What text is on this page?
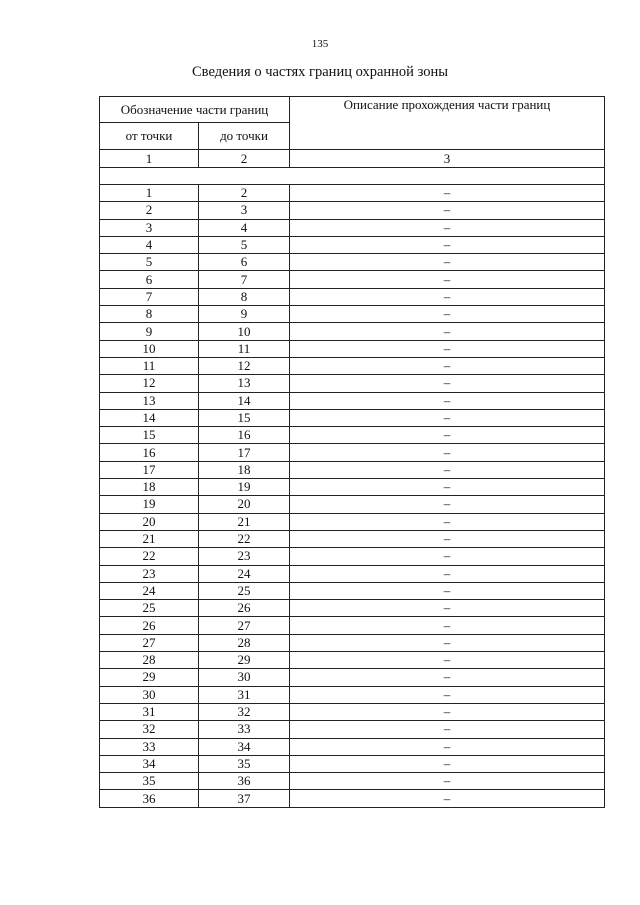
135
Сведения о частях границ охранной зоны
Обозначение части границ		Описание прохождения части границ
от точки	до точки	
1	2	3

1	2	–
2	3	–
3	4	–
4	5	–
5	6	–
6	7	–
7	8	–
8	9	–
9	10	–
10	11	–
11	12	–
12	13	–
13	14	–
14	15	–
15	16	–
16	17	–
17	18	–
18	19	–
19	20	–
20	21	–
21	22	–
22	23	–
23	24	–
24	25	–
25	26	–
26	27	–
27	28	–
28	29	–
29	30	–
30	31	–
31	32	–
32	33	–
33	34	–
34	35	–
35	36	–
36	37	–
